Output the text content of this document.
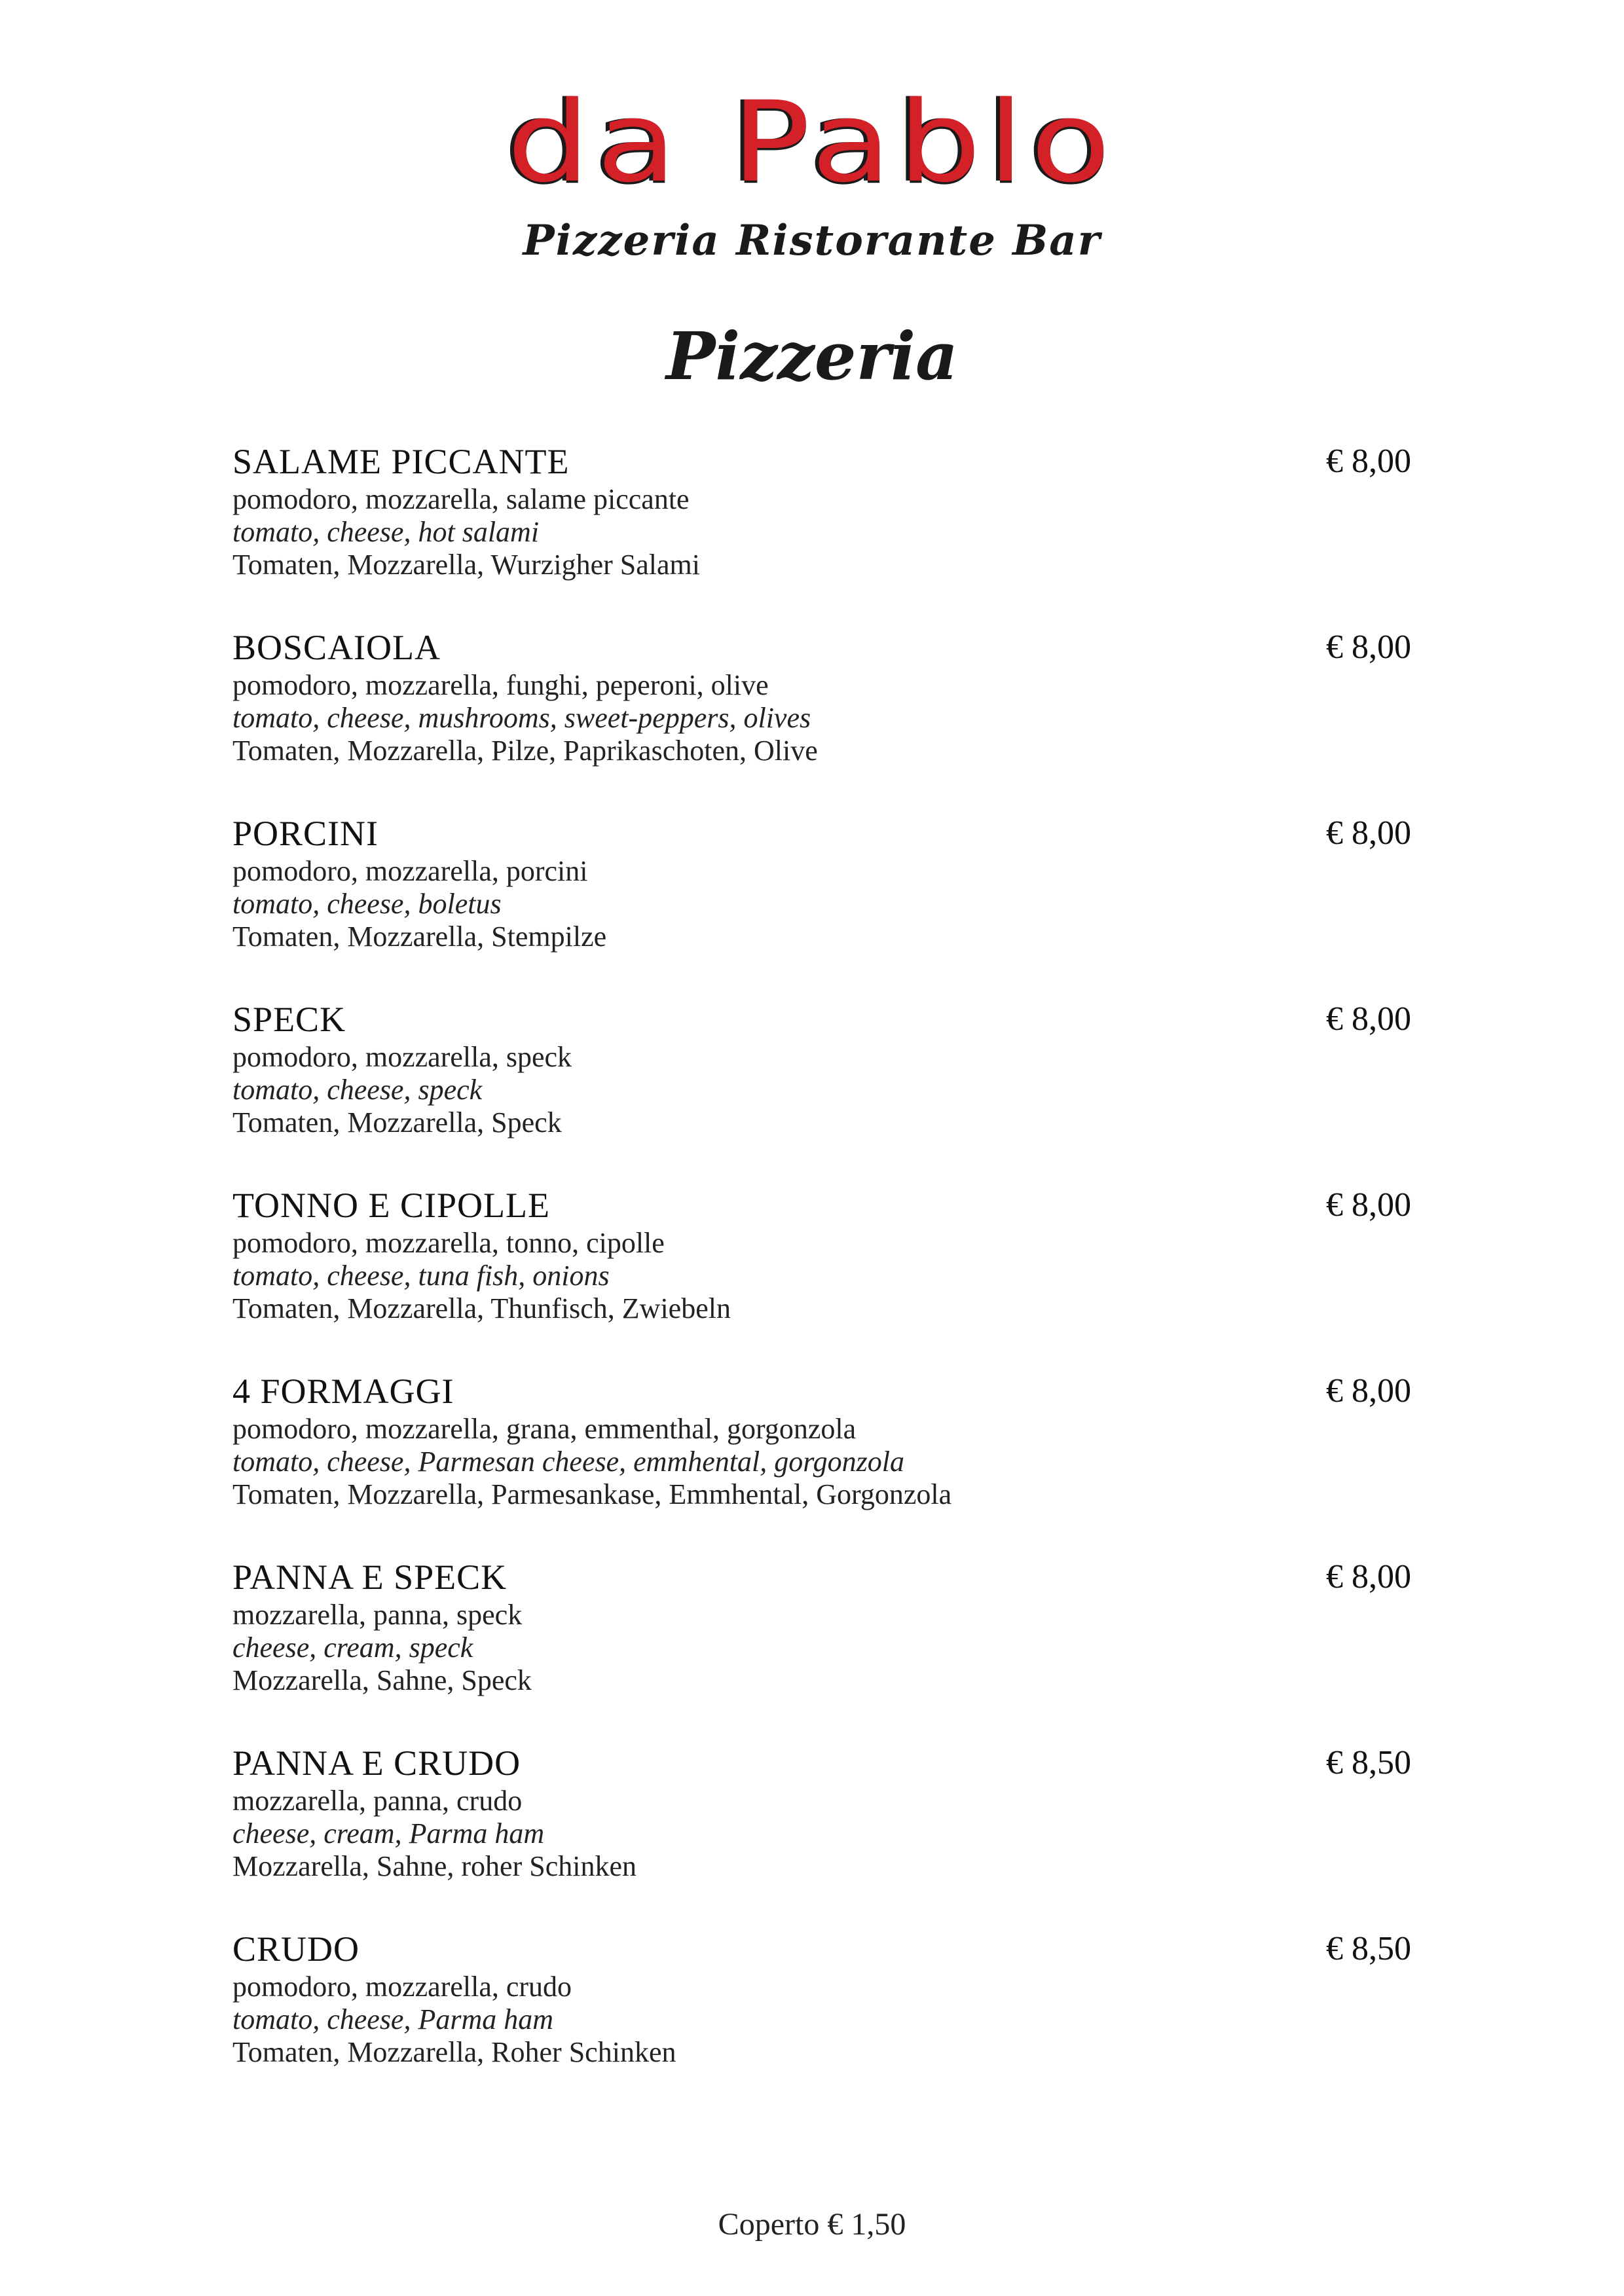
da Pablo
Pizzeria Ristorante Bar
Pizzeria
SALAME PICCANTE	€ 8,00
pomodoro, mozzarella, salame piccante
tomato, cheese, hot salami
Tomaten, Mozzarella, Wurzigher Salami
BOSCAIOLA	€ 8,00
pomodoro, mozzarella, funghi, peperoni, olive
tomato, cheese, mushrooms, sweet-peppers, olives
Tomaten, Mozzarella, Pilze, Paprikaschoten, Olive
PORCINI	€ 8,00
pomodoro, mozzarella, porcini
tomato, cheese, boletus
Tomaten, Mozzarella, Stempilze
SPECK	€ 8,00
pomodoro, mozzarella, speck
tomato, cheese, speck
Tomaten, Mozzarella, Speck
TONNO E CIPOLLE	€ 8,00
pomodoro, mozzarella, tonno, cipolle
tomato, cheese, tuna fish, onions
Tomaten, Mozzarella, Thunfisch, Zwiebeln
4 FORMAGGI	€ 8,00
pomodoro, mozzarella, grana, emmenthal, gorgonzola
tomato, cheese, Parmesan cheese, emmhental, gorgonzola
Tomaten, Mozzarella, Parmesankase, Emmhental, Gorgonzola
PANNA E SPECK	€ 8,00
mozzarella, panna, speck
cheese, cream, speck
Mozzarella, Sahne, Speck
PANNA E CRUDO	€ 8,50
mozzarella, panna, crudo
cheese, cream, Parma ham
Mozzarella, Sahne, roher Schinken
CRUDO	€ 8,50
pomodoro, mozzarella, crudo
tomato, cheese, Parma ham
Tomaten, Mozzarella, Roher Schinken
Coperto € 1,50
